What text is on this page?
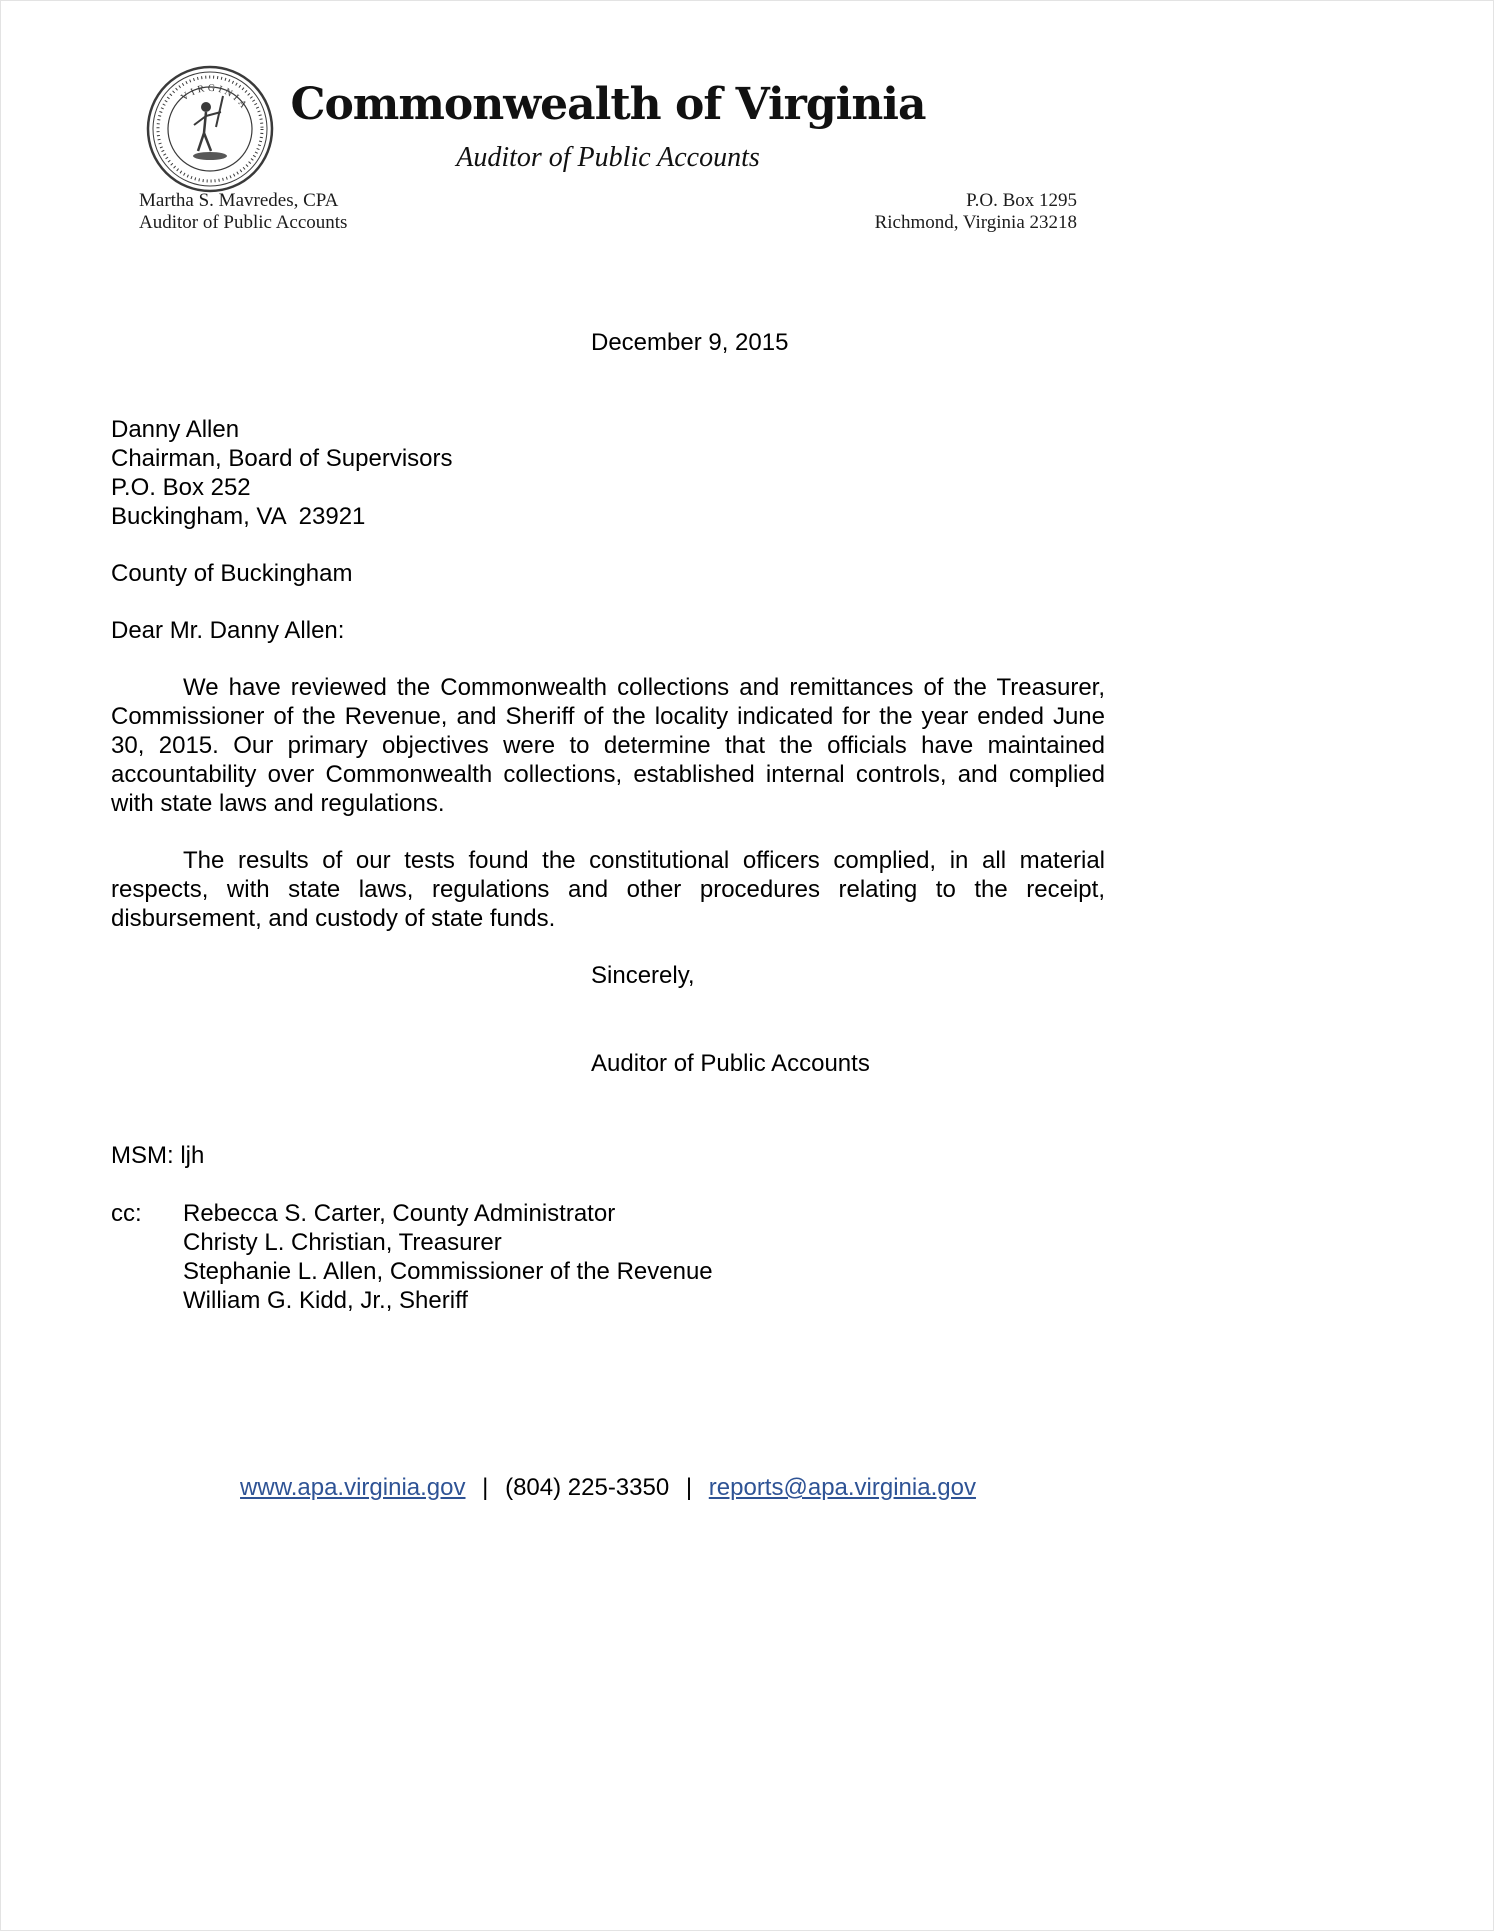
VIRGINIA Commonwealth of Virginia
Auditor of Public Accounts
Martha S. Mavredes, CPA
Auditor of Public Accounts
P.O. Box 1295
Richmond, Virginia 23218
December 9, 2015
Danny Allen
Chairman, Board of Supervisors
P.O. Box 252
Buckingham, VA  23921
County of Buckingham
Dear Mr. Danny Allen:

We have reviewed the Commonwealth collections and remittances of the Treasurer, Commissioner of the Revenue, and Sheriff of the locality indicated for the year ended June 30, 2015. Our primary objectives were to determine that the officials have maintained accountability over Commonwealth collections, established internal controls, and complied with state laws and regulations.

The results of our tests found the constitutional officers complied, in all material respects, with state laws, regulations and other procedures relating to the receipt, disbursement, and custody of state funds.

Sincerely,
Auditor of Public Accounts
MSM: ljh
cc:	Rebecca S. Carter, County Administrator
Christy L. Christian, Treasurer
Stephanie L. Allen, Commissioner of the Revenue
William G. Kidd, Jr., Sheriff
www.apa.virginia.gov | (804) 225-3350 | reports@apa.virginia.gov
